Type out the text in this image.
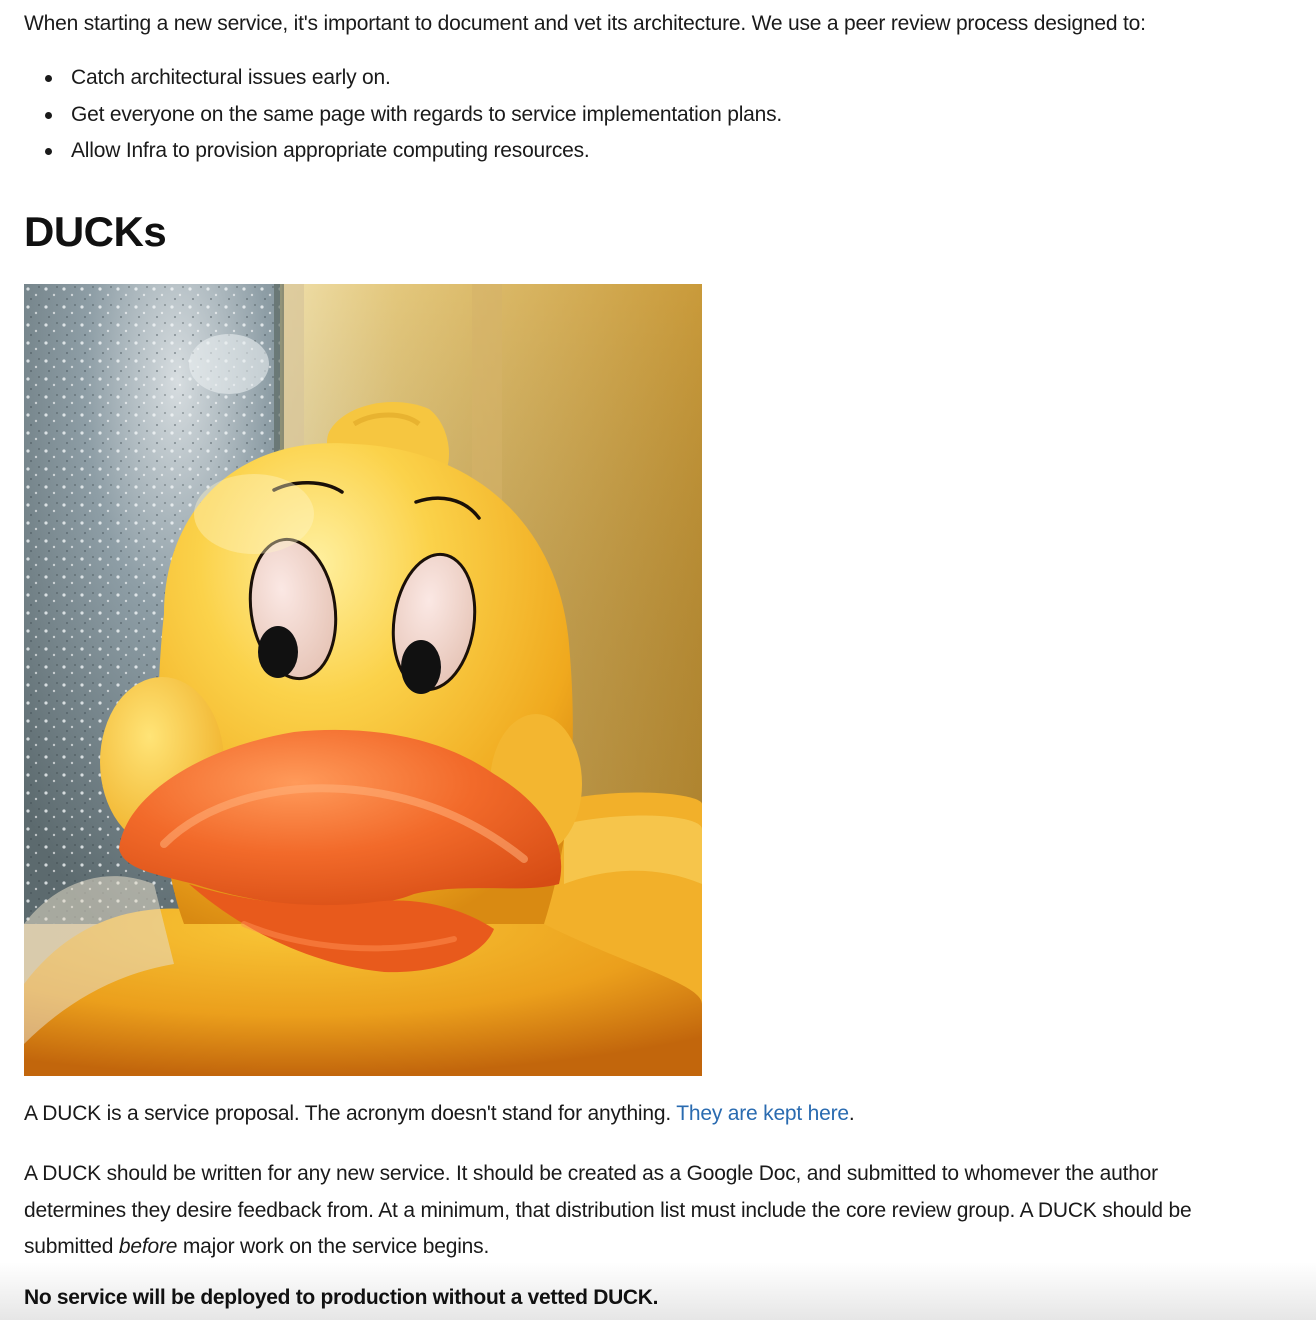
When starting a new service, it's important to document and vet its architecture. We use a peer review process designed to:

Catch architectural issues early on.
Get everyone on the same page with regards to service implementation plans.
Allow Infra to provision appropriate computing resources.
DUCKs

A DUCK is a service proposal. The acronym doesn't stand for anything. They are kept here.

A DUCK should be written for any new service. It should be created as a Google Doc, and submitted to whomever the author
determines they desire feedback from. At a minimum, that distribution list must include the core review group. A DUCK should be
submitted before major work on the service begins.

No service will be deployed to production without a vetted DUCK.
